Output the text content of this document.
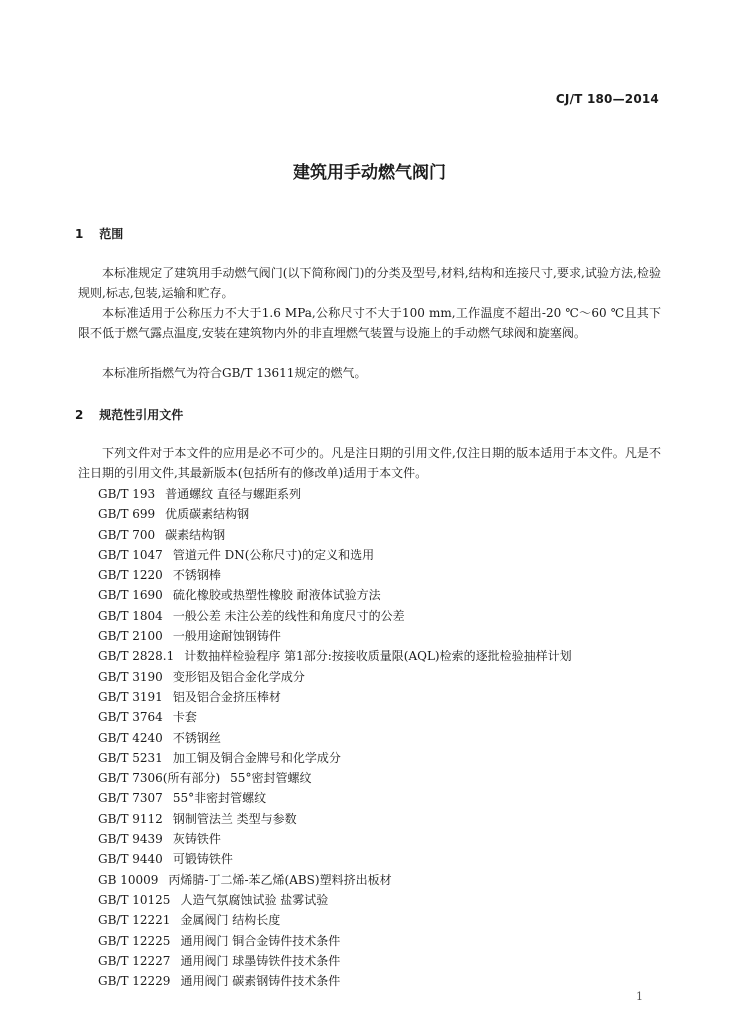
CJ/T 180—2014
建筑用手动燃气阀门
1 范围

本标准规定了建筑用手动燃气阀门(以下简称阀门)的分类及型号,材料,结构和连接尺寸,要求,试验方法,检验规则,标志,包装,运输和贮存。

本标准适用于公称压力不大于1.6 MPa,公称尺寸不大于100 mm,工作温度不超出-20 ℃～60 ℃且其下限不低于燃气露点温度,安装在建筑物内外的非直埋燃气装置与设施上的手动燃气球阀和旋塞阀。

本标准所指燃气为符合GB/T 13611规定的燃气。

2 规范性引用文件

下列文件对于本文件的应用是必不可少的。凡是注日期的引用文件,仅注日期的版本适用于本文件。凡是不注日期的引用文件,其最新版本(包括所有的修改单)适用于本文件。

GB/T 193 普通螺纹 直径与螺距系列
GB/T 699 优质碳素结构钢
GB/T 700 碳素结构钢
GB/T 1047 管道元件 DN(公称尺寸)的定义和选用
GB/T 1220 不锈钢棒
GB/T 1690 硫化橡胶或热塑性橡胶 耐液体试验方法
GB/T 1804 一般公差 未注公差的线性和角度尺寸的公差
GB/T 2100 一般用途耐蚀钢铸件
GB/T 2828.1 计数抽样检验程序 第1部分:按接收质量限(AQL)检索的逐批检验抽样计划
GB/T 3190 变形铝及铝合金化学成分
GB/T 3191 铝及铝合金挤压棒材
GB/T 3764 卡套
GB/T 4240 不锈钢丝
GB/T 5231 加工铜及铜合金牌号和化学成分
GB/T 7306(所有部分) 55°密封管螺纹
GB/T 7307 55°非密封管螺纹
GB/T 9112 钢制管法兰 类型与参数
GB/T 9439 灰铸铁件
GB/T 9440 可锻铸铁件
GB 10009 丙烯腈-丁二烯-苯乙烯(ABS)塑料挤出板材
GB/T 10125 人造气氛腐蚀试验 盐雾试验
GB/T 12221 金属阀门 结构长度
GB/T 12225 通用阀门 铜合金铸件技术条件
GB/T 12227 通用阀门 球墨铸铁件技术条件
GB/T 12229 通用阀门 碳素钢铸件技术条件
1
